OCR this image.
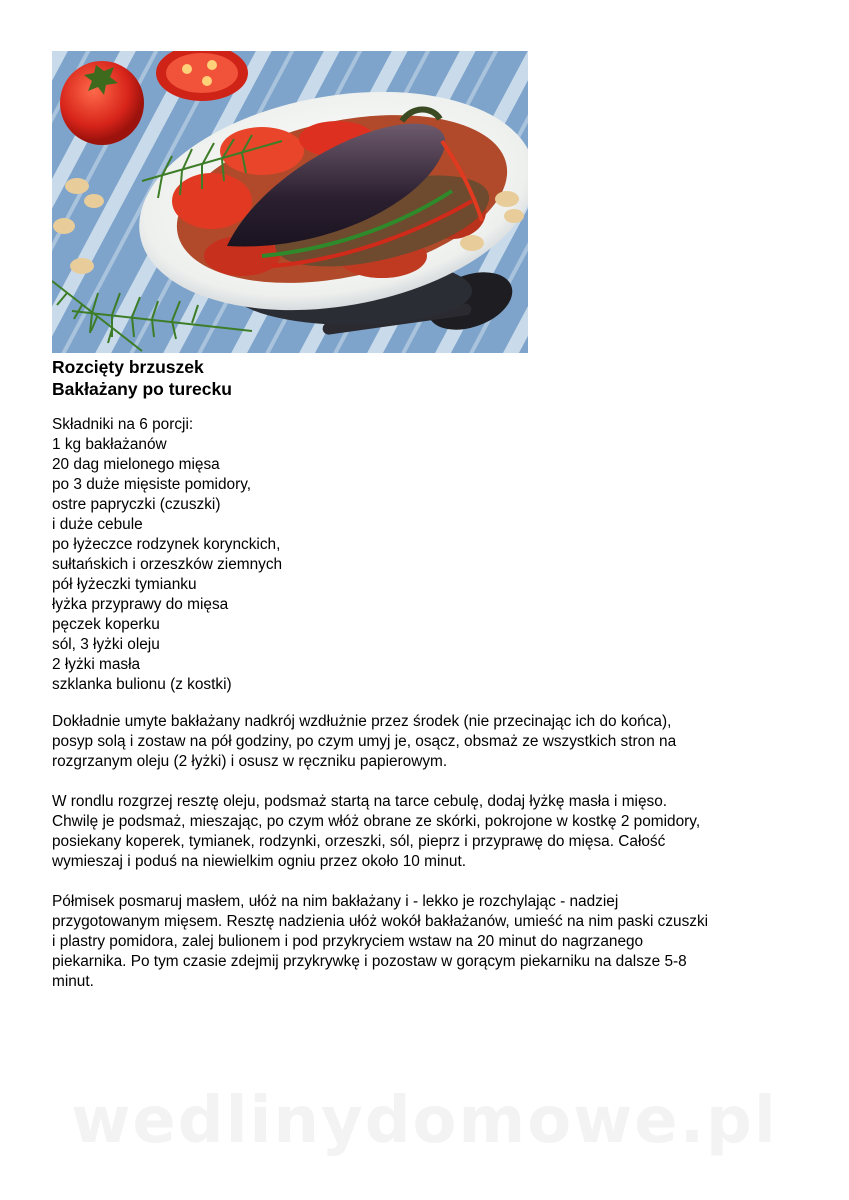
Rozcięty brzuszek
Bakłażany po turecku
Składniki na 6 porcji:
1 kg bakłażanów
20 dag mielonego mięsa
po 3 duże mięsiste pomidory,
ostre papryczki (czuszki)
i duże cebule
po łyżeczce rodzynek korynckich,
sułtańskich i orzeszków ziemnych
pół łyżeczki tymianku
łyżka przyprawy do mięsa
pęczek koperku
sól, 3 łyżki oleju
2 łyżki masła
szklanka bulionu (z kostki)

Dokładnie umyte bakłażany nadkrój wzdłużnie przez środek (nie przecinając ich do końca),
posyp solą i zostaw na pół godziny, po czym umyj je, osącz, obsmaż ze wszystkich stron na
rozgrzanym oleju (2 łyżki) i osusz w ręczniku papierowym.

W rondlu rozgrzej resztę oleju, podsmaż startą na tarce cebulę, dodaj łyżkę masła i mięso.
Chwilę je podsmaż, mieszając, po czym włóż obrane ze skórki, pokrojone w kostkę 2 pomidory,
posiekany koperek, tymianek, rodzynki, orzeszki, sól, pieprz i przyprawę do mięsa. Całość
wymieszaj i poduś na niewielkim ogniu przez około 10 minut.

Półmisek posmaruj masłem, ułóż na nim bakłażany i - lekko je rozchylając - nadziej
przygotowanym mięsem. Resztę nadzienia ułóż wokół bakłażanów, umieść na nim paski czuszki
i plastry pomidora, zalej bulionem i pod przykryciem wstaw na 20 minut do nagrzanego
piekarnika. Po tym czasie zdejmij przykrywkę i pozostaw w gorącym piekarniku na dalsze 5-8
minut.

wedlinydomowe.pl
